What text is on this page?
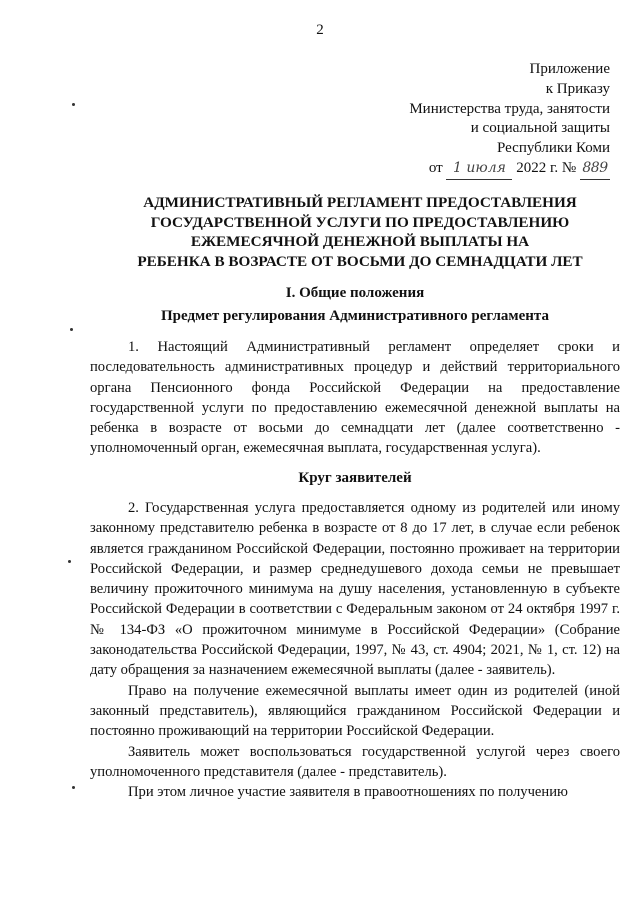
2
Приложение
к Приказу
Министерства труда, занятости
и социальной защиты
Республики Коми
от 1 июля 2022 г. № 889
АДМИНИСТРАТИВНЫЙ РЕГЛАМЕНТ ПРЕДОСТАВЛЕНИЯ
ГОСУДАРСТВЕННОЙ УСЛУГИ ПО ПРЕДОСТАВЛЕНИЮ
ЕЖЕМЕСЯЧНОЙ ДЕНЕЖНОЙ ВЫПЛАТЫ НА
РЕБЕНКА В ВОЗРАСТЕ ОТ ВОСЬМИ ДО СЕМНАДЦАТИ ЛЕТ
I. Общие положения
Предмет регулирования Административного регламента

1. Настоящий Административный регламент определяет сроки и последовательность административных процедур и действий территориального органа Пенсионного фонда Российской Федерации на предоставление государственной услуги по предоставлению ежемесячной денежной выплаты на ребенка в возрасте от восьми до семнадцати лет (далее соответственно - уполномоченный орган, ежемесячная выплата, государственная услуга).

Круг заявителей

2. Государственная услуга предоставляется одному из родителей или иному законному представителю ребенка в возрасте от 8 до 17 лет, в случае если ребенок является гражданином Российской Федерации, постоянно проживает на территории Российской Федерации, и размер среднедушевого дохода семьи не превышает величину прожиточного минимума на душу населения, установленную в субъекте Российской Федерации в соответствии с Федеральным законом от 24 октября 1997 г. № 134-ФЗ «О прожиточном минимуме в Российской Федерации» (Собрание законодательства Российской Федерации, 1997, № 43, ст. 4904; 2021, № 1, ст. 12) на дату обращения за назначением ежемесячной выплаты (далее - заявитель).

Право на получение ежемесячной выплаты имеет один из родителей (иной законный представитель), являющийся гражданином Российской Федерации и постоянно проживающий на территории Российской Федерации.

Заявитель может воспользоваться государственной услугой через своего уполномоченного представителя (далее - представитель).

При этом личное участие заявителя в правоотношениях по получению
